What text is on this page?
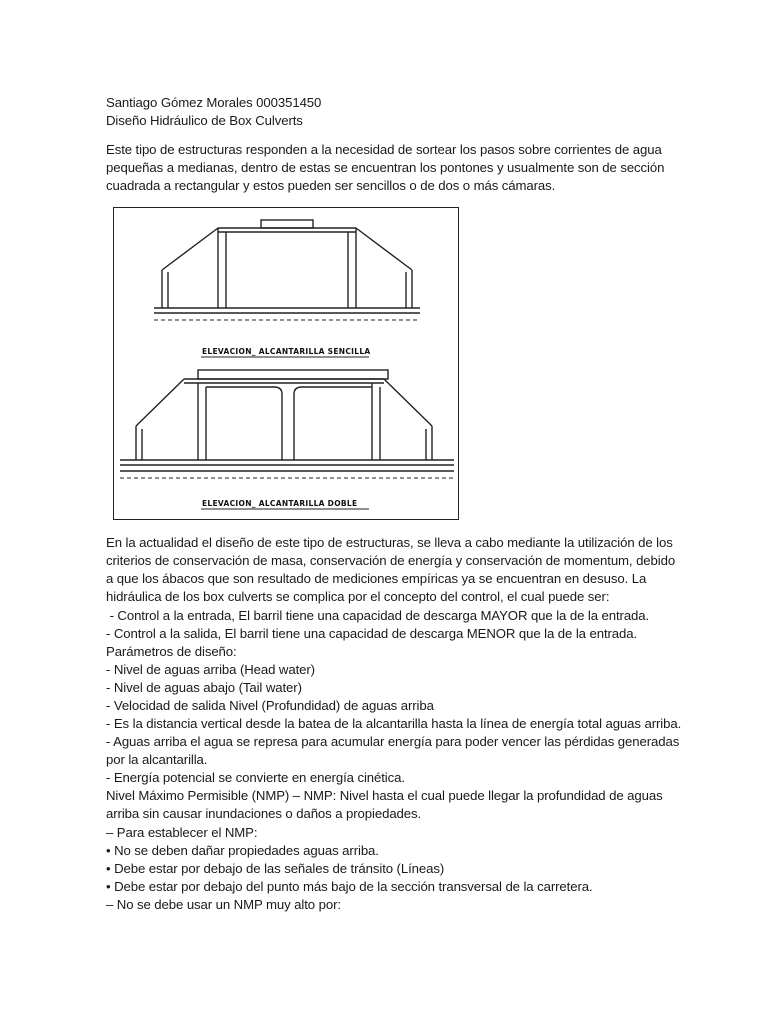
Santiago Gómez Morales 000351450
Diseño Hidráulico de Box Culverts
Este tipo de estructuras responden a la necesidad de sortear los pasos sobre corrientes de agua
pequeñas a medianas, dentro de estas se encuentran los pontones y usualmente son de sección
cuadrada a rectangular y estos pueden ser sencillos o de dos o más cámaras.
ELEVACION_ ALCANTARILLA SENCILLA
ELEVACION_ ALCANTARILLA DOBLE
En la actualidad el diseño de este tipo de estructuras, se lleva a cabo mediante la utilización de los
criterios de conservación de masa, conservación de energía y conservación de momentum, debido
a que los ábacos que son resultado de mediciones empíricas ya se encuentran en desuso. La
hidráulica de los box culverts se complica por el concepto del control, el cual puede ser:
- Control a la entrada, El barril tiene una capacidad de descarga MAYOR que la de la entrada.
- Control a la salida, El barril tiene una capacidad de descarga MENOR que la de la entrada.
Parámetros de diseño:
- Nivel de aguas arriba (Head water)
- Nivel de aguas abajo (Tail water)
- Velocidad de salida Nivel (Profundidad) de aguas arriba
- Es la distancia vertical desde la batea de la alcantarilla hasta la línea de energía total aguas arriba.
- Aguas arriba el agua se represa para acumular energía para poder vencer las pérdidas generadas
por la alcantarilla.
- Energía potencial se convierte en energía cinética.
Nivel Máximo Permisible (NMP) – NMP: Nivel hasta el cual puede llegar la profundidad de aguas
arriba sin causar inundaciones o daños a propiedades.
– Para establecer el NMP:
• No se deben dañar propiedades aguas arriba.
• Debe estar por debajo de las señales de tránsito (Líneas)
• Debe estar por debajo del punto más bajo de la sección transversal de la carretera.
– No se debe usar un NMP muy alto por:
